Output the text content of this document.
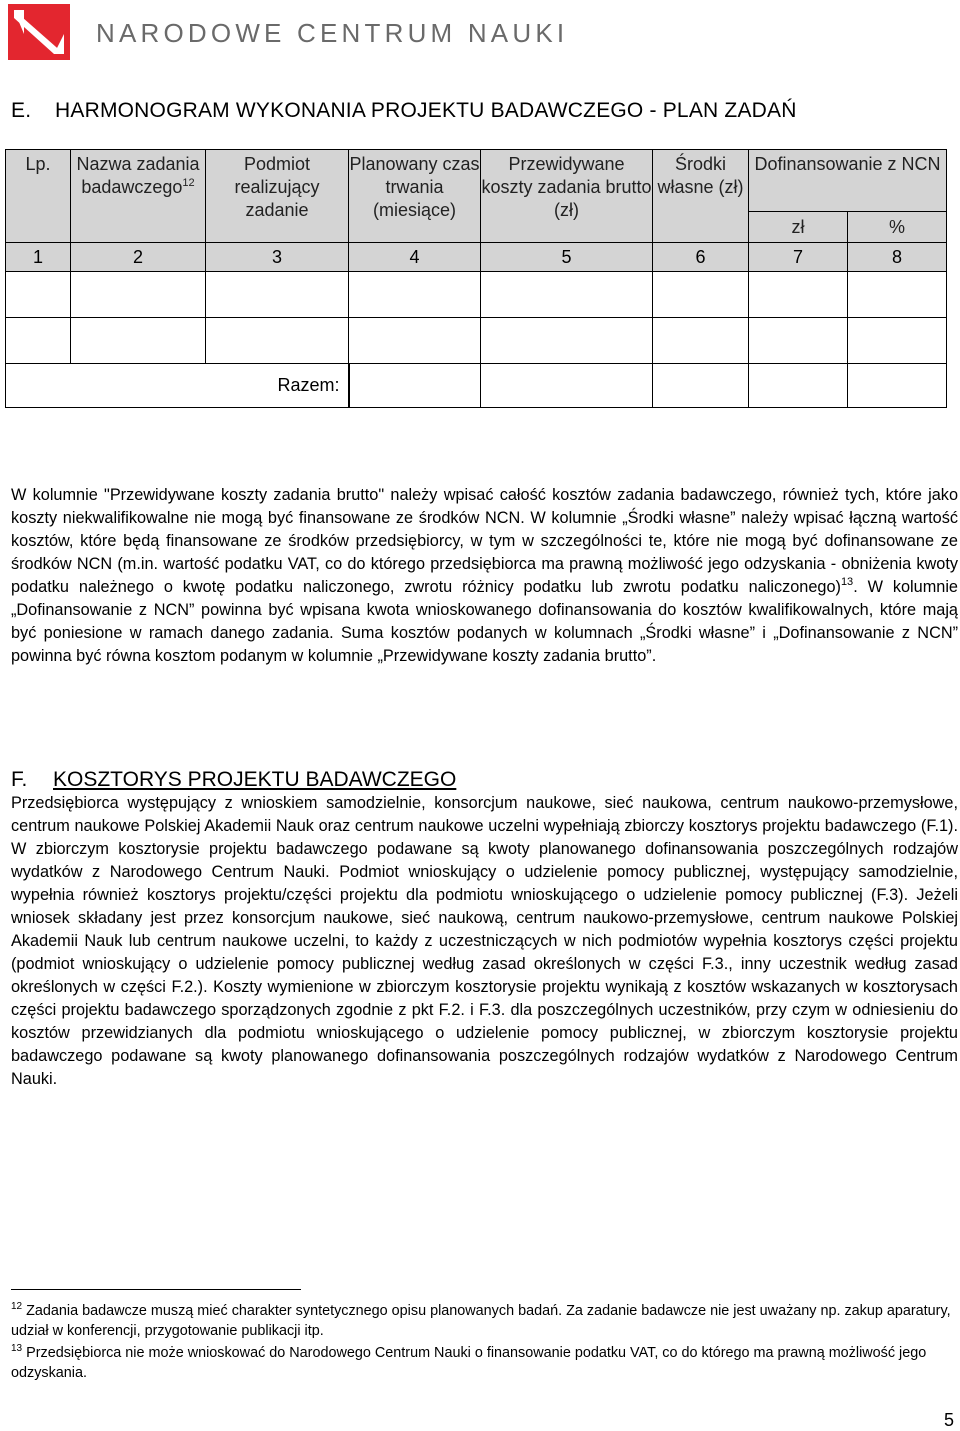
NARODOWE CENTRUM NAUKI
E. HARMONOGRAM WYKONANIA PROJEKTU BADAWCZEGO - PLAN ZADAŃ
Lp.	Nazwa zadania badawczego$^{12}$	Podmiot realizujący zadanie	Planowany czas trwania (miesiące)	Przewidywane koszty zadania brutto (zł)	Środki własne (zł)	Dofinansowanie z NCN	
						zł	%
1	2	3	4	5	6	7	8

Razem:							
W kolumnie "Przewidywane koszty zadania brutto" należy wpisać całość kosztów zadania badawczego, również tych, które jako koszty niekwalifikowalne nie mogą być finansowane ze środków NCN. W kolumnie „Środki własne” należy wpisać łączną wartość kosztów, które będą finansowane ze środków przedsiębiorcy, w tym w szczególności te, które nie mogą być dofinansowane ze środków NCN (m.in. wartość podatku VAT, co do którego przedsiębiorca ma prawną możliwość jego odzyskania - obniżenia kwoty podatku należnego o kwotę podatku naliczonego, zwrotu różnicy podatku lub zwrotu podatku naliczonego)$^{13}$. W kolumnie „Dofinansowanie z NCN” powinna być wpisana kwota wnioskowanego dofinansowania do kosztów kwalifikowalnych, które mają być poniesione w ramach danego zadania. Suma kosztów podanych w kolumnach „Środki własne” i „Dofinansowanie z NCN” powinna być równa kosztom podanym w kolumnie „Przewidywane koszty zadania brutto”.
F. KOSZTORYS PROJEKTU BADAWCZEGO
Przedsiębiorca występujący z wnioskiem samodzielnie, konsorcjum naukowe, sieć naukowa, centrum naukowo-przemysłowe, centrum naukowe Polskiej Akademii Nauk oraz centrum naukowe uczelni wypełniają zbiorczy kosztorys projektu badawczego (F.1). W zbiorczym kosztorysie projektu badawczego podawane są kwoty planowanego dofinansowania poszczególnych rodzajów wydatków z Narodowego Centrum Nauki. Podmiot wnioskujący o udzielenie pomocy publicznej, występujący samodzielnie, wypełnia również kosztorys projektu/części projektu dla podmiotu wnioskującego o udzielenie pomocy publicznej (F.3). Jeżeli wniosek składany jest przez konsorcjum naukowe, sieć naukową, centrum naukowo-przemysłowe, centrum naukowe Polskiej Akademii Nauk lub centrum naukowe uczelni, to każdy z uczestniczących w nich podmiotów wypełnia kosztorys części projektu (podmiot wnioskujący o udzielenie pomocy publicznej według zasad określonych w części F.3., inny uczestnik według zasad określonych w części F.2.). Koszty wymienione w zbiorczym kosztorysie projektu wynikają z kosztów wskazanych w kosztorysach części projektu badawczego sporządzonych zgodnie z pkt F.2. i F.3. dla poszczególnych uczestników, przy czym w odniesieniu do kosztów przewidzianych dla podmiotu wnioskującego o udzielenie pomocy publicznej, w zbiorczym kosztorysie projektu badawczego podawane są kwoty planowanego dofinansowania poszczególnych rodzajów wydatków z Narodowego Centrum Nauki.
$^{12}$ Zadania badawcze muszą mieć charakter syntetycznego opisu planowanych badań. Za zadanie badawcze nie jest uważany np. zakup aparatury, udział w konferencji, przygotowanie publikacji itp.
$^{13}$ Przedsiębiorca nie może wnioskować do Narodowego Centrum Nauki o finansowanie podatku VAT, co do którego ma prawną możliwość jego odzyskania.
5
